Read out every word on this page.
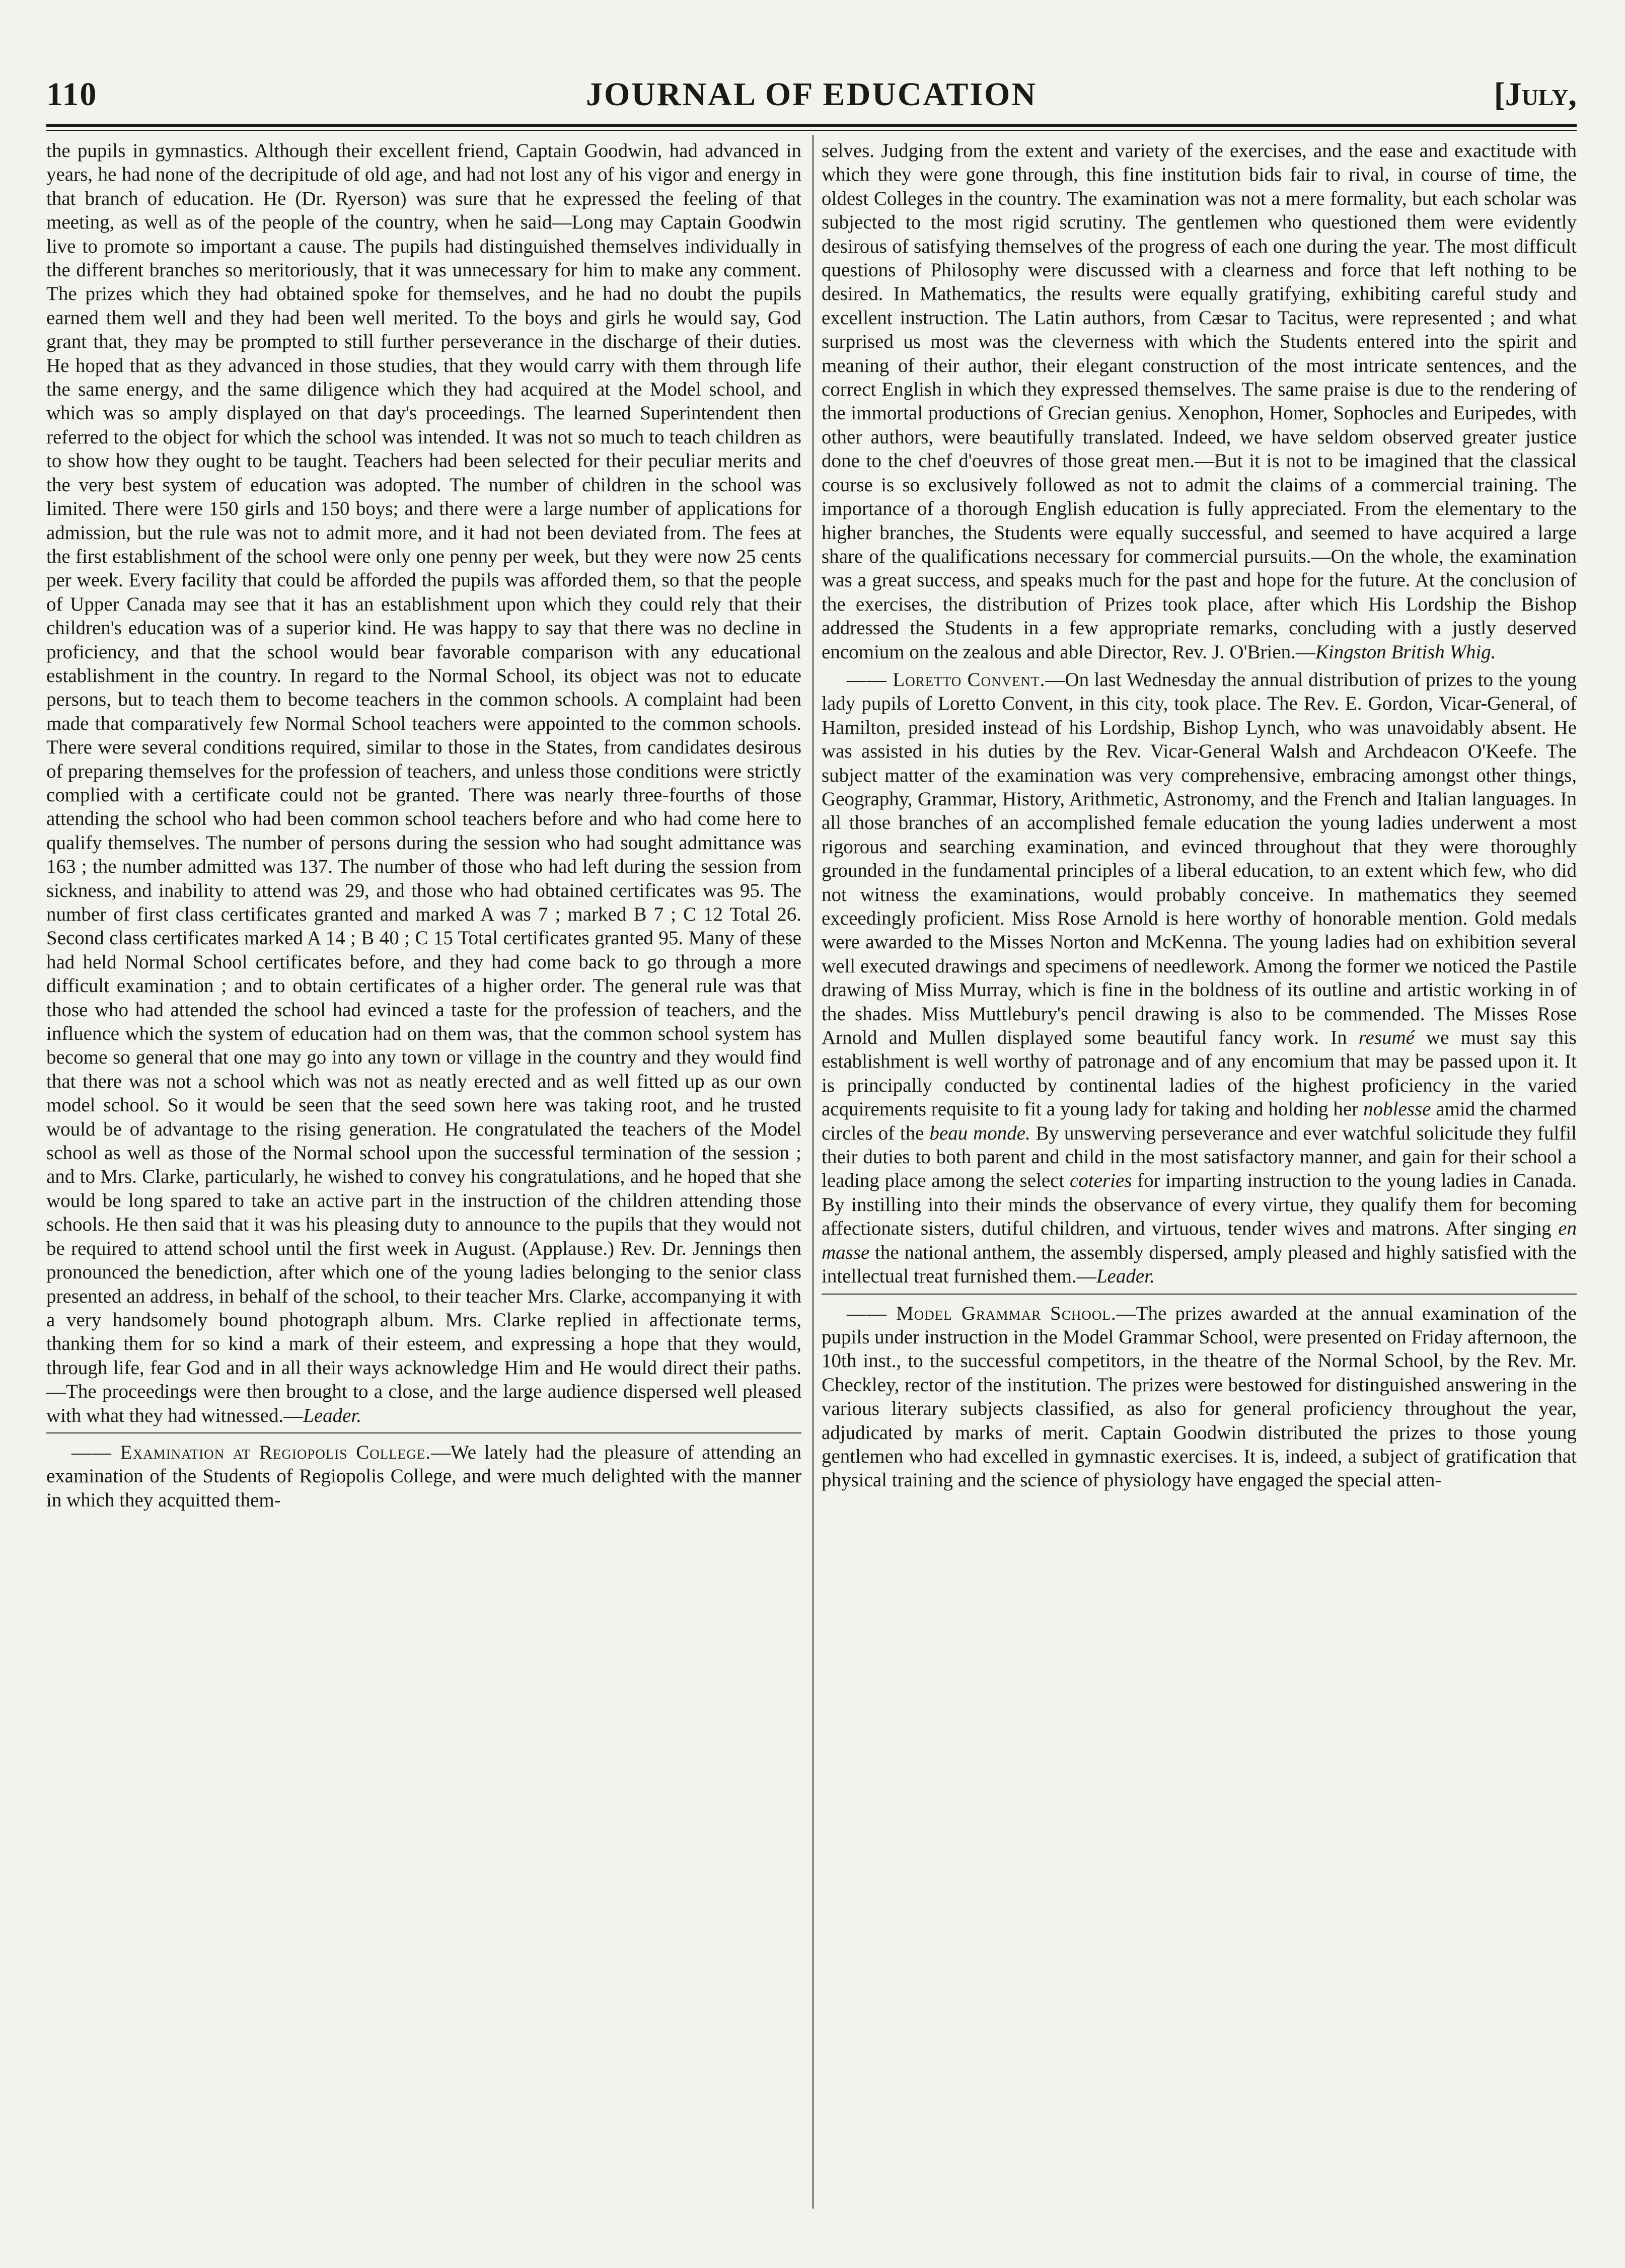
110	JOURNAL OF EDUCATION	[July,

the pupils in gymnastics. Although their excellent friend, Captain Goodwin, had advanced in years, he had none of the decripitude of old age, and had not lost any of his vigor and energy in that branch of education. He (Dr. Ryerson) was sure that he expressed the feeling of that meeting, as well as of the people of the country, when he said—Long may Captain Goodwin live to promote so important a cause. The pupils had distinguished themselves individually in the different branches so meritoriously, that it was unnecessary for him to make any comment. The prizes which they had obtained spoke for themselves, and he had no doubt the pupils earned them well and they had been well merited. To the boys and girls he would say, God grant that, they may be prompted to still further perseverance in the discharge of their duties. He hoped that as they advanced in those studies, that they would carry with them through life the same energy, and the same diligence which they had acquired at the Model school, and which was so amply displayed on that day's proceedings. The learned Superintendent then referred to the object for which the school was intended. It was not so much to teach children as to show how they ought to be taught. Teachers had been selected for their peculiar merits and the very best system of education was adopted. The number of children in the school was limited. There were 150 girls and 150 boys; and there were a large number of applications for admission, but the rule was not to admit more, and it had not been deviated from. The fees at the first establishment of the school were only one penny per week, but they were now 25 cents per week. Every facility that could be afforded the pupils was afforded them, so that the people of Upper Canada may see that it has an establishment upon which they could rely that their children's education was of a superior kind. He was happy to say that there was no decline in proficiency, and that the school would bear favorable comparison with any educational establishment in the country. In regard to the Normal School, its object was not to educate persons, but to teach them to become teachers in the common schools. A complaint had been made that comparatively few Normal School teachers were appointed to the common schools. There were several conditions required, similar to those in the States, from candidates desirous of preparing themselves for the profession of teachers, and unless those conditions were strictly complied with a certificate could not be granted. There was nearly three-fourths of those attending the school who had been common school teachers before and who had come here to qualify themselves. The number of persons during the session who had sought admittance was 163 ; the number admitted was 137. The number of those who had left during the session from sickness, and inability to attend was 29, and those who had obtained certificates was 95. The number of first class certificates granted and marked A was 7 ; marked B 7 ; C 12 Total 26. Second class certificates marked A 14 ; B 40 ; C 15 Total certificates granted 95. Many of these had held Normal School certificates before, and they had come back to go through a more difficult examination ; and to obtain certificates of a higher order. The general rule was that those who had attended the school had evinced a taste for the profession of teachers, and the influence which the system of education had on them was, that the common school system has become so general that one may go into any town or village in the country and they would find that there was not a school which was not as neatly erected and as well fitted up as our own model school. So it would be seen that the seed sown here was taking root, and he trusted would be of advantage to the rising generation. He congratulated the teachers of the Model school as well as those of the Normal school upon the successful termination of the session ; and to Mrs. Clarke, particularly, he wished to convey his congratulations, and he hoped that she would be long spared to take an active part in the instruction of the children attending those schools. He then said that it was his pleasing duty to announce to the pupils that they would not be required to attend school until the first week in August. (Applause.) Rev. Dr. Jennings then pronounced the benediction, after which one of the young ladies belonging to the senior class presented an address, in behalf of the school, to their teacher Mrs. Clarke, accompanying it with a very handsomely bound photograph album. Mrs. Clarke replied in affectionate terms, thanking them for so kind a mark of their esteem, and expressing a hope that they would, through life, fear God and in all their ways acknowledge Him and He would direct their paths.—The proceedings were then brought to a close, and the large audience dispersed well pleased with what they had witnessed.—Leader.

—— Examination at Regiopolis College.—We lately had the pleasure of attending an examination of the Students of Regiopolis College, and were much delighted with the manner in which they acquitted them-

selves. Judging from the extent and variety of the exercises, and the ease and exactitude with which they were gone through, this fine institution bids fair to rival, in course of time, the oldest Colleges in the country. The examination was not a mere formality, but each scholar was subjected to the most rigid scrutiny. The gentlemen who questioned them were evidently desirous of satisfying themselves of the progress of each one during the year. The most difficult questions of Philosophy were discussed with a clearness and force that left nothing to be desired. In Mathematics, the results were equally gratifying, exhibiting careful study and excellent instruction. The Latin authors, from Cæsar to Tacitus, were represented ; and what surprised us most was the cleverness with which the Students entered into the spirit and meaning of their author, their elegant construction of the most intricate sentences, and the correct English in which they expressed themselves. The same praise is due to the rendering of the immortal productions of Grecian genius. Xenophon, Homer, Sophocles and Euripedes, with other authors, were beautifully translated. Indeed, we have seldom observed greater justice done to the chef d'oeuvres of those great men.—But it is not to be imagined that the classical course is so exclusively followed as not to admit the claims of a commercial training. The importance of a thorough English education is fully appreciated. From the elementary to the higher branches, the Students were equally successful, and seemed to have acquired a large share of the qualifications necessary for commercial pursuits.—On the whole, the examination was a great success, and speaks much for the past and hope for the future. At the conclusion of the exercises, the distribution of Prizes took place, after which His Lordship the Bishop addressed the Students in a few appropriate remarks, concluding with a justly deserved encomium on the zealous and able Director, Rev. J. O'Brien.—Kingston British Whig.

—— Loretto Convent.—On last Wednesday the annual distribution of prizes to the young lady pupils of Loretto Convent, in this city, took place. The Rev. E. Gordon, Vicar-General, of Hamilton, presided instead of his Lordship, Bishop Lynch, who was unavoidably absent. He was assisted in his duties by the Rev. Vicar-General Walsh and Archdeacon O'Keefe. The subject matter of the examination was very comprehensive, embracing amongst other things, Geography, Grammar, History, Arithmetic, Astronomy, and the French and Italian languages. In all those branches of an accomplished female education the young ladies underwent a most rigorous and searching examination, and evinced throughout that they were thoroughly grounded in the fundamental principles of a liberal education, to an extent which few, who did not witness the examinations, would probably conceive. In mathematics they seemed exceedingly proficient. Miss Rose Arnold is here worthy of honorable mention. Gold medals were awarded to the Misses Norton and McKenna. The young ladies had on exhibition several well executed drawings and specimens of needlework. Among the former we noticed the Pastile drawing of Miss Murray, which is fine in the boldness of its outline and artistic working in of the shades. Miss Muttlebury's pencil drawing is also to be commended. The Misses Rose Arnold and Mullen displayed some beautiful fancy work. In resumé we must say this establishment is well worthy of patronage and of any encomium that may be passed upon it. It is principally conducted by continental ladies of the highest proficiency in the varied acquirements requisite to fit a young lady for taking and holding her noblesse amid the charmed circles of the beau monde. By unswerving perseverance and ever watchful solicitude they fulfil their duties to both parent and child in the most satisfactory manner, and gain for their school a leading place among the select coteries for imparting instruction to the young ladies in Canada. By instilling into their minds the observance of every virtue, they qualify them for becoming affectionate sisters, dutiful children, and virtuous, tender wives and matrons. After singing en masse the national anthem, the assembly dispersed, amply pleased and highly satisfied with the intellectual treat furnished them.—Leader.

—— Model Grammar School.—The prizes awarded at the annual examination of the pupils under instruction in the Model Grammar School, were presented on Friday afternoon, the 10th inst., to the successful competitors, in the theatre of the Normal School, by the Rev. Mr. Checkley, rector of the institution. The prizes were bestowed for distinguished answering in the various literary subjects classified, as also for general proficiency throughout the year, adjudicated by marks of merit. Captain Goodwin distributed the prizes to those young gentlemen who had excelled in gymnastic exercises. It is, indeed, a subject of gratification that physical training and the science of physiology have engaged the special atten-
